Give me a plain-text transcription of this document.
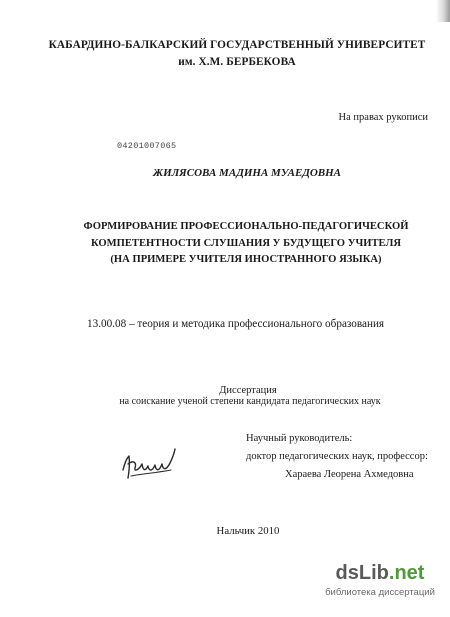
КАБАРДИНО-БАЛКАРСКИЙ ГОСУДАРСТВЕННЫЙ УНИВЕРСИТЕТ
им. Х.М. БЕРБЕКОВА
На правах рукописи
04201007065
ЖИЛЯСОВА МАДИНА МУАЕДОВНА
ФОРМИРОВАНИЕ ПРОФЕССИОНАЛЬНО-ПЕДАГОГИЧЕСКОЙ
КОМПЕТЕНТНОСТИ СЛУШАНИЯ У БУДУЩЕГО УЧИТЕЛЯ
(НА ПРИМЕРЕ УЧИТЕЛЯ ИНОСТРАННОГО ЯЗЫКА)
13.00.08 – теория и методика профессионального образования
Диссертация
на соискание ученой степени кандидата педагогических наук
Научный руководитель:
доктор педагогических наук, профессор:
Хараева Леорена Ахмедовна
Нальчик 2010
dsLib.net
библиотека диссертаций
